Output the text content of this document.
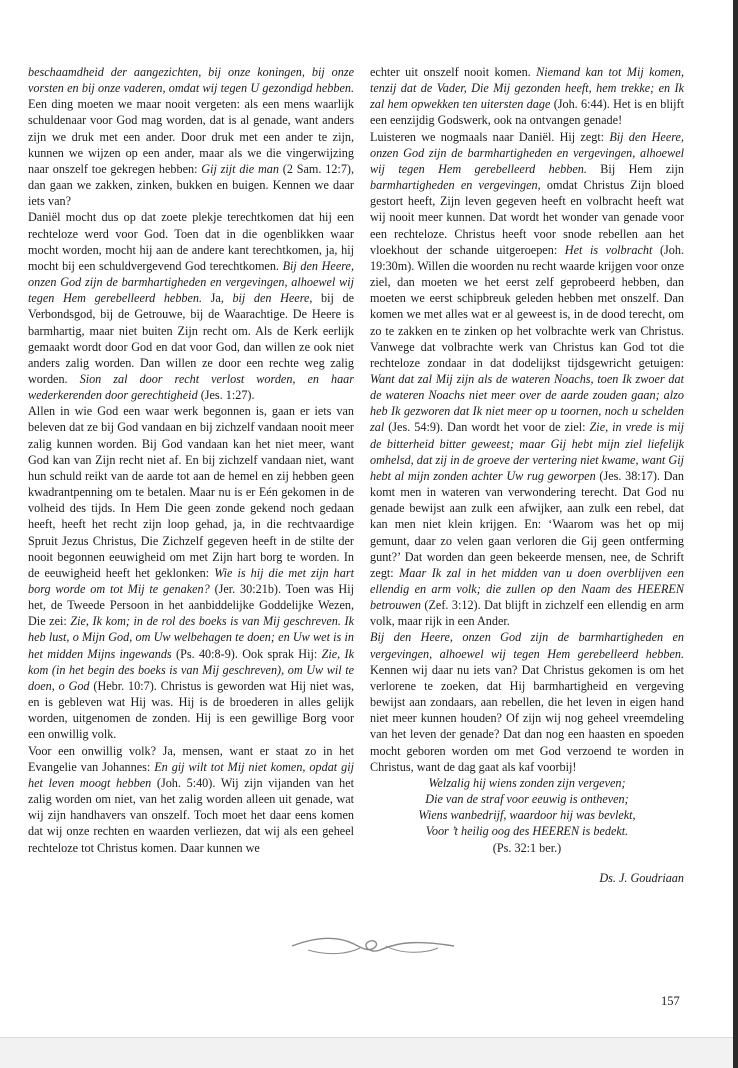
beschaamdheid der aangezichten, bij onze koningen, bij onze vorsten en bij onze vaderen, omdat wij tegen U gezondigd hebben. Een ding moeten we maar nooit vergeten: als een mens waarlijk schuldenaar voor God mag worden, dat is al genade, want anders zijn we druk met een ander. Door druk met een ander te zijn, kunnen we wijzen op een ander, maar als we die vingerwijzing naar onszelf toe gekregen hebben: Gij zijt die man (2 Sam. 12:7), dan gaan we zakken, zinken, bukken en buigen. Kennen we daar iets van?
Daniël mocht dus op dat zoete plekje terechtkomen dat hij een rechteloze werd voor God. Toen dat in die ogenblikken waar mocht worden, mocht hij aan de andere kant terechtkomen, ja, hij mocht bij een schuldvergevend God terechtkomen. Bij den Heere, onzen God zijn de barmhartigheden en vergevingen, alhoewel wij tegen Hem gerebelleerd hebben. Ja, bij den Heere, bij de Verbondsgod, bij de Getrouwe, bij de Waarachtige. De Heere is barmhartig, maar niet buiten Zijn recht om. Als de Kerk eerlijk gemaakt wordt door God en dat voor God, dan willen ze ook niet anders zalig worden. Dan willen ze door een rechte weg zalig worden. Sion zal door recht verlost worden, en haar wederkerenden door gerechtigheid (Jes. 1:27).
Allen in wie God een waar werk begonnen is, gaan er iets van beleven dat ze bij God vandaan en bij zichzelf vandaan nooit meer zalig kunnen worden. Bij God vandaan kan het niet meer, want God kan van Zijn recht niet af. En bij zichzelf vandaan niet, want hun schuld reikt van de aarde tot aan de hemel en zij hebben geen kwadrantpenning om te betalen. Maar nu is er Eén gekomen in de volheid des tijds. In Hem Die geen zonde gekend noch gedaan heeft, heeft het recht zijn loop gehad, ja, in die rechtvaardige Spruit Jezus Christus, Die Zichzelf gegeven heeft in de stilte der nooit begonnen eeuwigheid om met Zijn hart borg te worden. In de eeuwigheid heeft het geklonken: Wie is hij die met zijn hart borg worde om tot Mij te genaken? (Jer. 30:21b). Toen was Hij het, de Tweede Persoon in het aanbiddelijke Goddelijke Wezen, Die zei: Zie, Ik kom; in de rol des boeks is van Mij geschreven. Ik heb lust, o Mijn God, om Uw welbehagen te doen; en Uw wet is in het midden Mijns ingewands (Ps. 40:8-9). Ook sprak Hij: Zie, Ik kom (in het begin des boeks is van Mij geschreven), om Uw wil te doen, o God (Hebr. 10:7). Christus is geworden wat Hij niet was, en is gebleven wat Hij was. Hij is de broederen in alles gelijk worden, uitgenomen de zonden. Hij is een gewillige Borg voor een onwillig volk.
Voor een onwillig volk? Ja, mensen, want er staat zo in het Evangelie van Johannes: En gij wilt tot Mij niet komen, opdat gij het leven moogt hebben (Joh. 5:40). Wij zijn vijanden van het zalig worden om niet, van het zalig worden alleen uit genade, wat wij zijn handhavers van onszelf. Toch moet het daar eens komen dat wij onze rechten en waarden verliezen, dat wij als een geheel rechteloze tot Christus komen. Daar kunnen we

echter uit onszelf nooit komen. Niemand kan tot Mij komen, tenzij dat de Vader, Die Mij gezonden heeft, hem trekke; en Ik zal hem opwekken ten uitersten dage (Joh. 6:44). Het is en blijft een eenzijdig Godswerk, ook na ontvangen genade!
Luisteren we nogmaals naar Daniël. Hij zegt: Bij den Heere, onzen God zijn de barmhartigheden en vergevingen, alhoewel wij tegen Hem gerebelleerd hebben. Bij Hem zijn barmhartigheden en vergevingen, omdat Christus Zijn bloed gestort heeft, Zijn leven gegeven heeft en volbracht heeft wat wij nooit meer kunnen. Dat wordt het wonder van genade voor een rechteloze. Christus heeft voor snode rebellen aan het vloekhout der schande uitgeroepen: Het is volbracht (Joh. 19:30m). Willen die woorden nu recht waarde krijgen voor onze ziel, dan moeten we het eerst zelf geprobeerd hebben, dan moeten we eerst schipbreuk geleden hebben met onszelf. Dan komen we met alles wat er al geweest is, in de dood terecht, om zo te zakken en te zinken op het volbrachte werk van Christus. Vanwege dat volbrachte werk van Christus kan God tot die rechteloze zondaar in dat dodelijkst tijdsgewricht getuigen: Want dat zal Mij zijn als de wateren Noachs, toen Ik zwoer dat de wateren Noachs niet meer over de aarde zouden gaan; alzo heb Ik gezworen dat Ik niet meer op u toornen, noch u schelden zal (Jes. 54:9). Dan wordt het voor de ziel: Zie, in vrede is mij de bitterheid bitter geweest; maar Gij hebt mijn ziel liefelijk omhelsd, dat zij in de groeve der vertering niet kwame, want Gij hebt al mijn zonden achter Uw rug geworpen (Jes. 38:17). Dan komt men in wateren van verwondering terecht. Dat God nu genade bewijst aan zulk een afwijker, aan zulk een rebel, dat kan men niet klein krijgen. En: ‘Waarom was het op mij gemunt, daar zo velen gaan verloren die Gij geen ontferming gunt?’ Dat worden dan geen bekeerde mensen, nee, de Schrift zegt: Maar Ik zal in het midden van u doen overblijven een ellendig en arm volk; die zullen op den Naam des HEEREN betrouwen (Zef. 3:12). Dat blijft in zichzelf een ellendig en arm volk, maar rijk in een Ander.
Bij den Heere, onzen God zijn de barmhartigheden en vergevingen, alhoewel wij tegen Hem gerebelleerd hebben. Kennen wij daar nu iets van? Dat Christus gekomen is om het verlorene te zoeken, dat Hij barmhartigheid en vergeving bewijst aan zondaars, aan rebellen, die het leven in eigen hand niet meer kunnen houden? Of zijn wij nog geheel vreemdeling van het leven der genade? Dat dan nog een haasten en spoeden mocht geboren worden om met God verzoend te worden in Christus, want de dag gaat als kaf voorbij!

Welzalig hij wiens zonden zijn vergeven;
Die van de straf voor eeuwig is ontheven;
Wiens wanbedrijf, waardoor hij was bevlekt,
Voor ’t heilig oog des HEEREN is bedekt.
(Ps. 32:1 ber.)
Ds. J. Goudriaan
157
